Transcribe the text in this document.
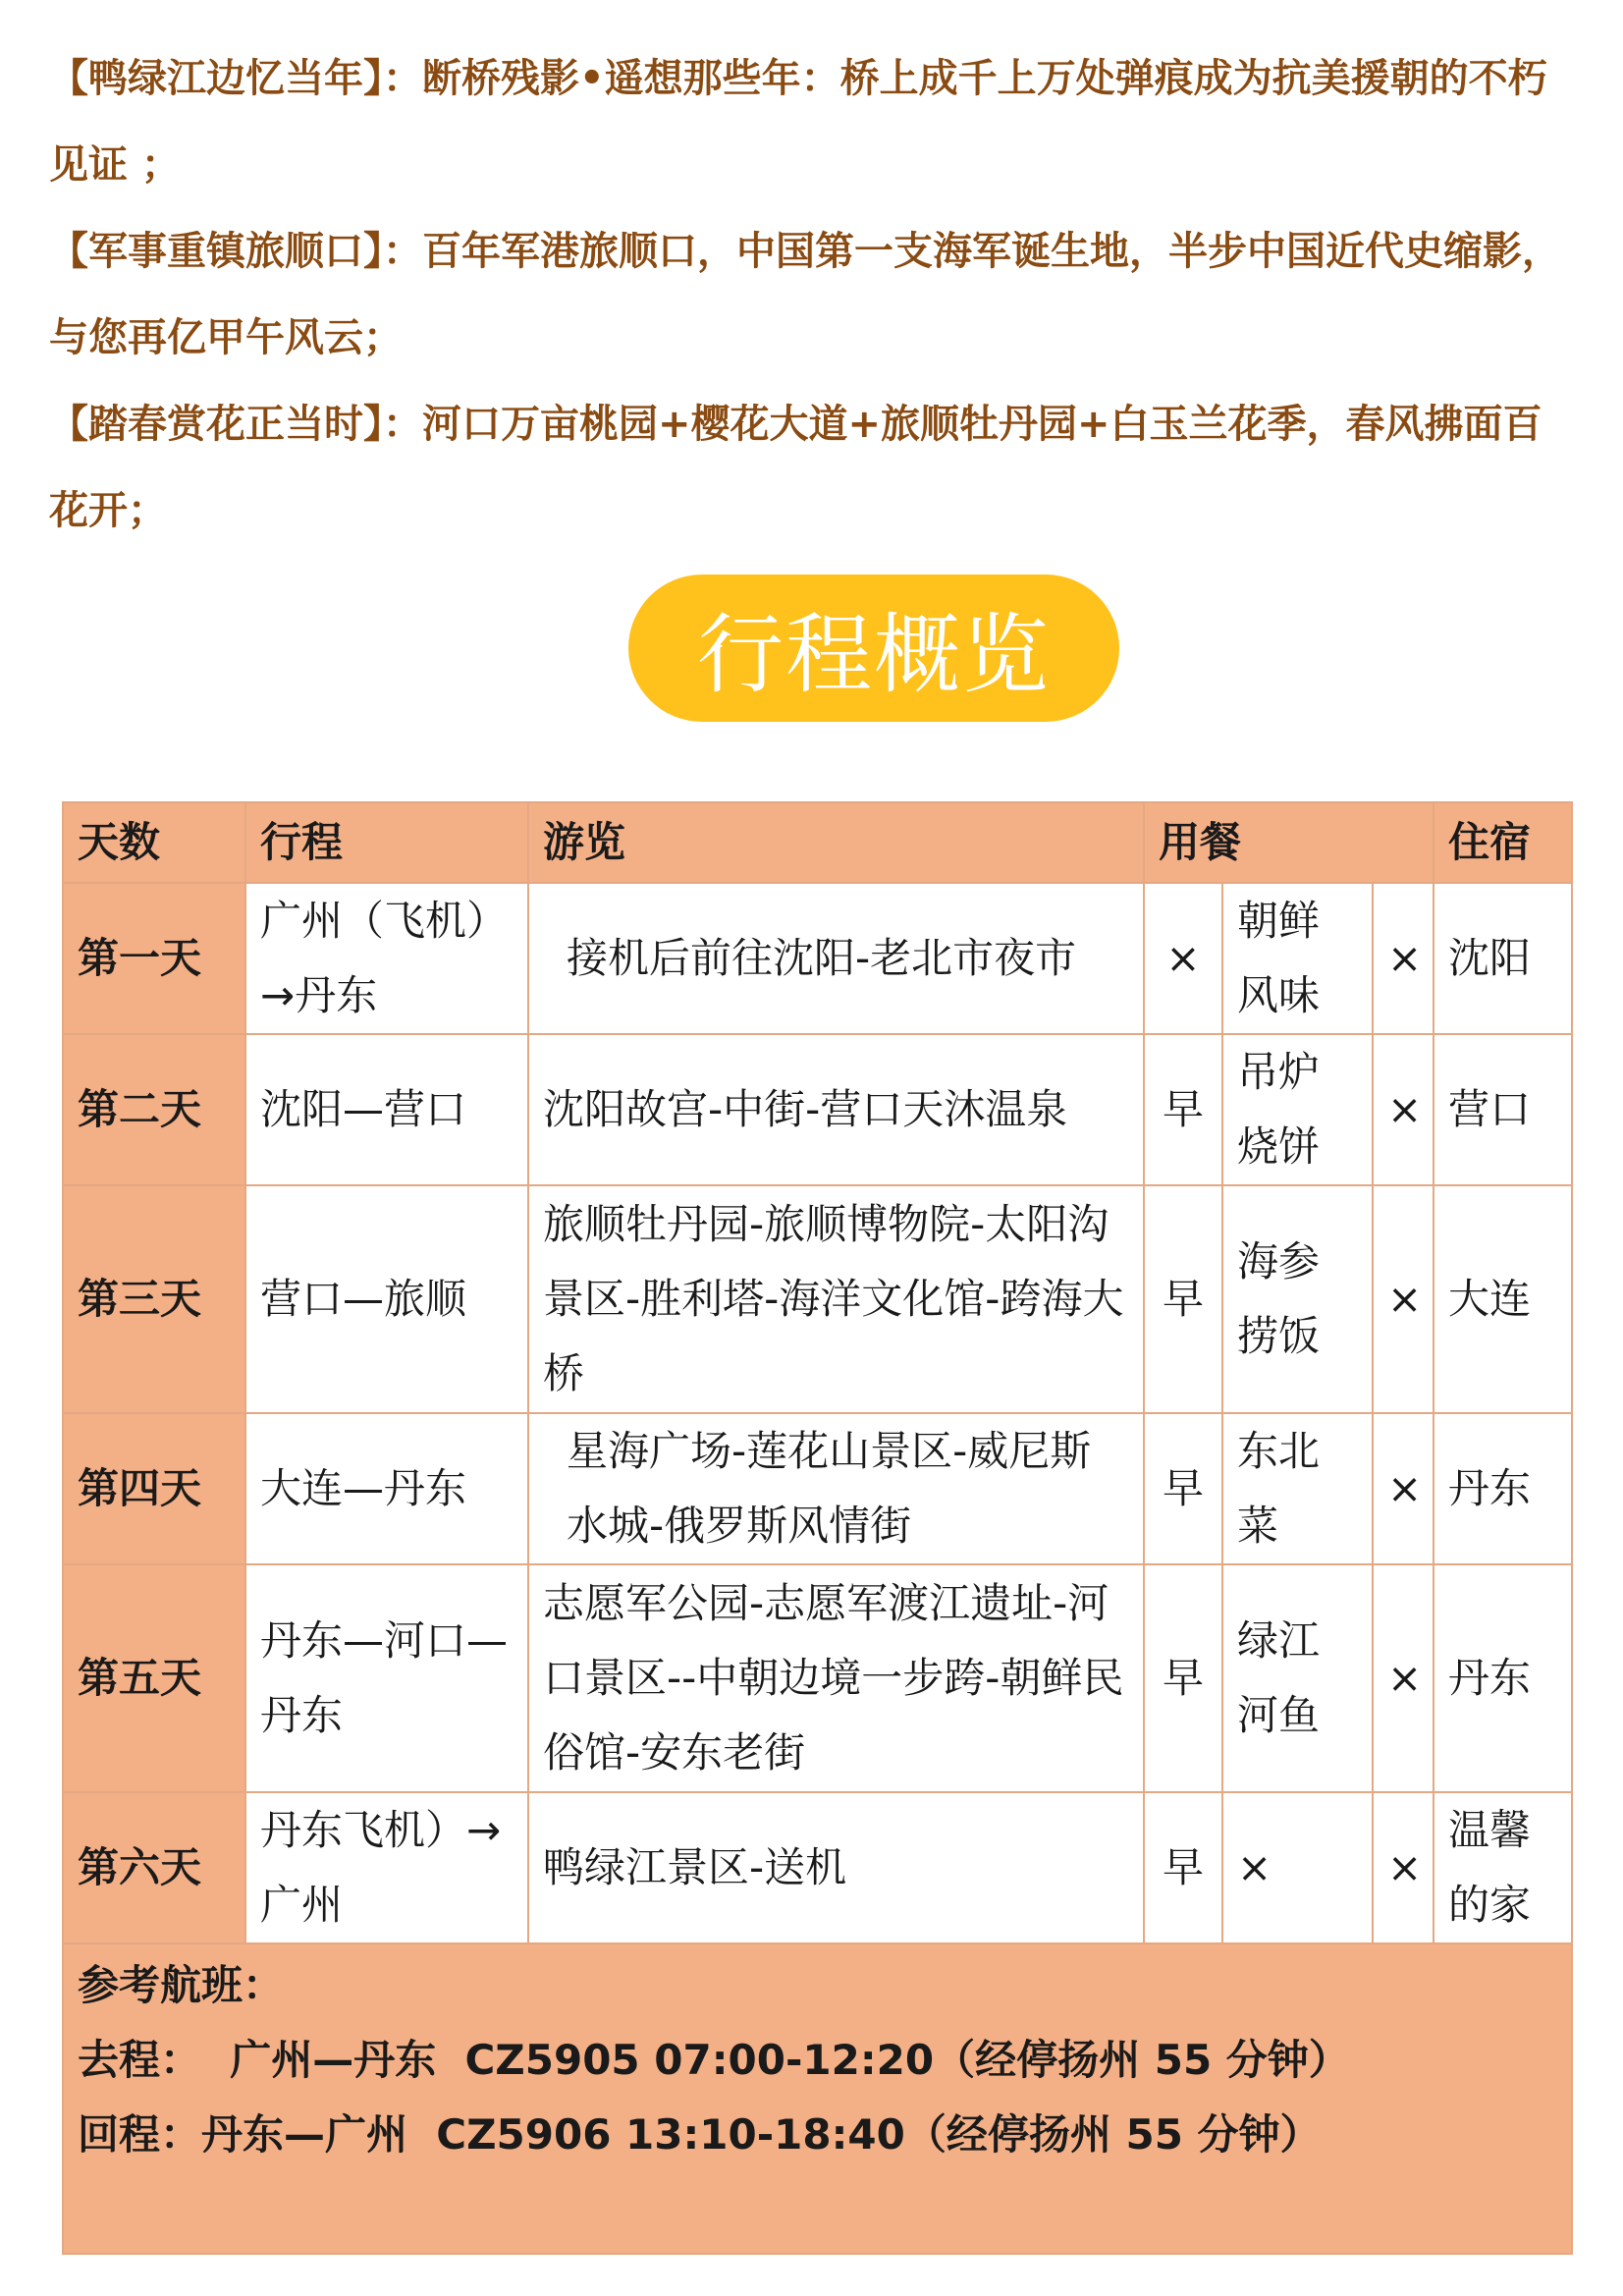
【鸭绿江边忆当年】：断桥残影•遥想那些年：桥上成千上万处弹痕成为抗美援朝的不朽见证 ；

【军事重镇旅顺口】：百年军港旅顺口，中国第一支海军诞生地，半步中国近代史缩影，与您再亿甲午风云；

【踏春赏花正当时】：河口万亩桃园+樱花大道+旅顺牡丹园+白玉兰花季，春风拂面百花开；

行程概览
天数	行程	游览	用餐			住宿
第一天	广州（飞机）→丹东	接机后前往沈阳-老北市夜市	×	朝鲜风味	×	沈阳
第二天	沈阳—营口	沈阳故宫-中街-营口天沐温泉	早	吊炉烧饼	×	营口
第三天	营口—旅顺	旅顺牡丹园-旅顺博物院-太阳沟景区-胜利塔-海洋文化馆-跨海大桥	早	海参捞饭	×	大连
第四天	大连—丹东	星海广场-莲花山景区-威尼斯水城-俄罗斯风情街	早	东北菜	×	丹东
第五天	丹东—河口—丹东	志愿军公园-志愿军渡江遗址-河口景区--中朝边境一步跨-朝鲜民俗馆-安东老街	早	绿江河鱼	×	丹东
第六天	丹东飞机）→广州	鸭绿江景区-送机	早	×	×	温馨的家

参考航班：
去程：  广州—丹东  CZ5905 07:00-12:20（经停扬州 55 分钟）
回程：丹东—广州  CZ5906 13:10-18:40（经停扬州 55 分钟）						
